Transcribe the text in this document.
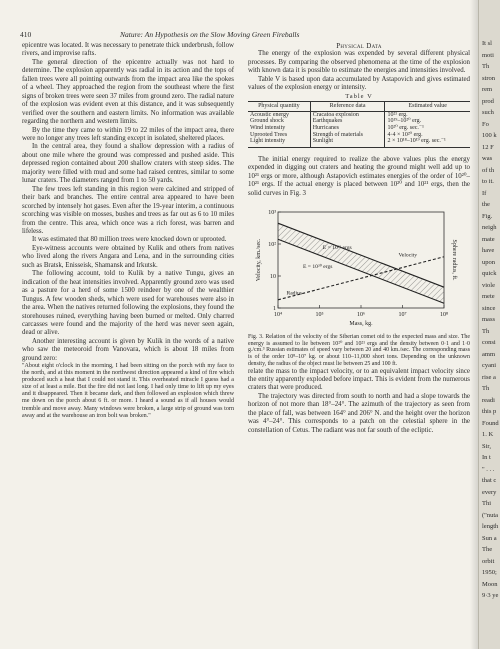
410	Nature: An Hypothesis on the Slow Moving Green Fireballs

epicentre was located. It was necessary to penetrate thick underbrush, follow rivers, and improvise rafts.

The general direction of the epicentre actually was not hard to determine. The explosion apparently was radial in its action and the tops of fallen trees were all pointing outwards from the impact area like the spokes of a wheel. They approached the region from the southeast where the first signs of broken trees were seen 37 miles from ground zero. The radial nature of the explosion was evident even at this distance, and it was subsequently verified over the southern and eastern limits. No information was available regarding the northern and western limits.

By the time they came to within 19 to 22 miles of the impact area, there were no longer any trees left standing except in isolated, sheltered places.

In the central area, they found a shallow depression with a radius of about one mile where the ground was compressed and pushed aside. This depressed region contained about 200 shallow craters with steep sides. The majority were filled with mud and some had raised centres, similar to some lunar craters. The diameters ranged from 1 to 50 yards.

The few trees left standing in this region were calcined and stripped of their bark and branches. The entire central area appeared to have been scorched by intensely hot gases. Even after the 19-year interim, a continuous scorching was visible on mosses, bushes and trees as far out as 6 to 10 miles from the centre. This area, which once was a rich forest, was barren and lifeless.

It was estimated that 80 million trees were knocked down or uprooted.

Eye-witness accounts were obtained by Kulik and others from natives who lived along the rivers Angara and Lena, and in the surrounding cities such as Bratsk, Enisseisk, Shamansk and Irkutsk.

The following account, told to Kulik by a native Tungu, gives an indication of the heat intensities involved. Apparently ground zero was used as a pasture for a herd of some 1500 reindeer by one of the wealthier Tungus. A few wooden sheds, which were used for warehouses were also in the area. When the natives returned following the explosions, they found the storehouses ruined, everything having been burned or melted. Only charred carcasses were found and the majority of the herd was never seen again, dead or alive.

Another interesting account is given by Kulik in the words of a native who saw the meteoroid from Vanovara, which is about 18 miles from ground zero:

"About eight o'clock in the morning, I had been sitting on the porch with my face to the north, and at this moment in the northwest direction appeared a kind of fire which produced such a heat that I could not stand it. This overheated miracle I guess had a size of at least a mile. But the fire did not last long. I had only time to lift up my eyes and it disappeared. Then it became dark, and then followed an explosion which threw me down on the porch about 6 ft. or more. I heard a sound as if all houses would tremble and move away. Many windows were broken, a large strip of ground was torn away and at the warehouse an iron bolt was broken."

Physical Data

The energy of the explosion was expended by several different physical processes. By comparing the observed phenomena at the time of the explosion with known data it is possible to estimate the energies and intensities involved.

Table V is based upon data accumulated by Astapovich and gives estimated values of the explosion energy or intensity.

Table V

Physical quantity	Reference data	Estimated value
Acoustic energy	Cracatoa explosion	10²¹ erg.
Ground shock	Earthquakes	10¹⁹–10²⁰ erg.
Wind intensity	Hurricanes	10²⁰ erg. sec.⁻¹
Uprooted Trees	Strength of materials	4·4 × 10²⁰ erg.
Light intensity	Sunlight	2 × 10¹⁸–10¹⁹ erg. sec.⁻¹

The initial energy required to realize the above values plus the energy expended in digging out craters and heating the ground might well add up to 10²¹ ergs or more, although Astapovich estimates energies of the order of 10²⁰–10²¹ ergs. If the actual energy is placed between 10²⁰ and 10²¹ ergs, then the solid curves in Fig. 3

10⁴	10⁵	10⁶	10⁷	10⁸
1
10
10²
10³
Mass, kg.
Velocity, km./sec.	Sphere radius, ft.
E = 10²¹ ergs
E = 10²⁰ ergs
Velocity
Radius

Fig. 3. Relation of the velocity of the Siberian comet oid to the expected mass and size. The energy is assumed to lie between 10²⁰ and 10²¹ ergs and the density between 0·1 and 1·0 g./cm.³ Russian estimates of speed vary between 20 and 40 km./sec. The corresponding mass is of the order 10⁸–10⁷ kg. or about 110–11,000 short tons. Depending on the unknown density, the radius of the object must lie between 25 and 100 ft.

relate the mass to the impact velocity, or to an equivalent impact velocity since the entity apparently exploded before impact. This is evident from the numerous craters that were produced.

The trajectory was directed from south to north and had a slope towards the horizon of not more than 18°–24°. The azimuth of the trajectory as seen from the place of fall, was between 164° and 206° N. and the height over the horizon was 4°–24°. This corresponds to a patch on the celestial sphere in the constellation of Cetus. The radiant was not far south of the ecliptic.

It sl
moti
Th
stron
rem
prod
such
Fo
100 k
12 F
was
of th
to it.
If
the
Fig.
neigh
mate
have
upon
quick
viole
mete
since
mass
Th
consi
amm
cyani
rise a
Th
readi
this p
Found
1. K
Sir,
In t
" . . .
that c
every
Thi
("nuta
length
Sun a
The
orbit
1950;
Moon
9·3 ye
